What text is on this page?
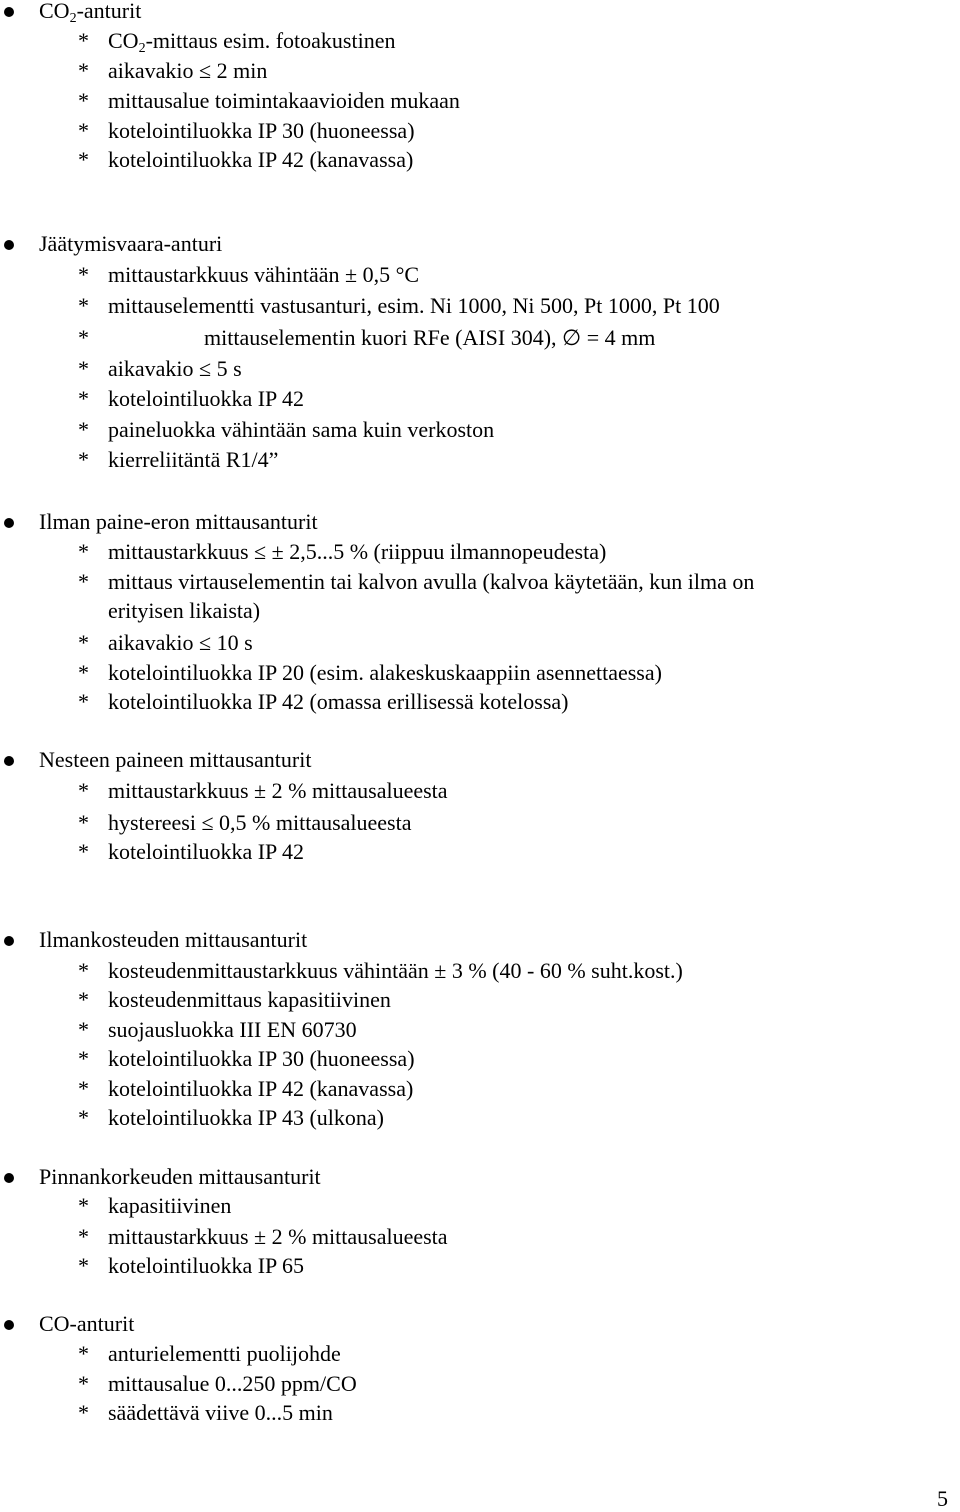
CO2-anturit
* CO2-mittaus esim. fotoakustinen
* aikavakio ≤ 2 min
* mittausalue toimintakaavioiden mukaan
* kotelointiluokka IP 30 (huoneessa)
* kotelointiluokka IP 42 (kanavassa)
Jäätymisvaara-anturi
* mittaustarkkuus vähintään ± 0,5 °C
* mittauselementti vastusanturi, esim. Ni 1000, Ni 500, Pt 1000, Pt 100
*	mittauselementin kuori RFe (AISI 304), ∅ = 4 mm
* aikavakio ≤ 5 s
* kotelointiluokka IP 42
* paineluokka vähintään sama kuin verkoston
* kierreliitäntä R1/4”
Ilman paine-eron mittausanturit
* mittaustarkkuus ≤ ± 2,5...5 % (riippuu ilmannopeudesta)
* mittaus virtauselementin tai kalvon avulla (kalvoa käytetään, kun ilma on
erityisen likaista)
* aikavakio ≤ 10 s
* kotelointiluokka IP 20 (esim. alakeskuskaappiin asennettaessa)
* kotelointiluokka IP 42 (omassa erillisessä kotelossa)
Nesteen paineen mittausanturit
* mittaustarkkuus ± 2 % mittausalueesta
* hystereesi ≤ 0,5 % mittausalueesta
* kotelointiluokka IP 42
Ilmankosteuden mittausanturit
* kosteudenmittaustarkkuus vähintään ± 3 % (40 - 60 % suht.kost.)
* kosteudenmittaus kapasitiivinen
* suojausluokka III EN 60730
* kotelointiluokka IP 30 (huoneessa)
* kotelointiluokka IP 42 (kanavassa)
* kotelointiluokka IP 43 (ulkona)
Pinnankorkeuden mittausanturit
* kapasitiivinen
* mittaustarkkuus ± 2 % mittausalueesta
* kotelointiluokka IP 65
CO-anturit
* anturielementti puolijohde
* mittausalue 0...250 ppm/CO
* säädettävä viive 0...5 min
5
